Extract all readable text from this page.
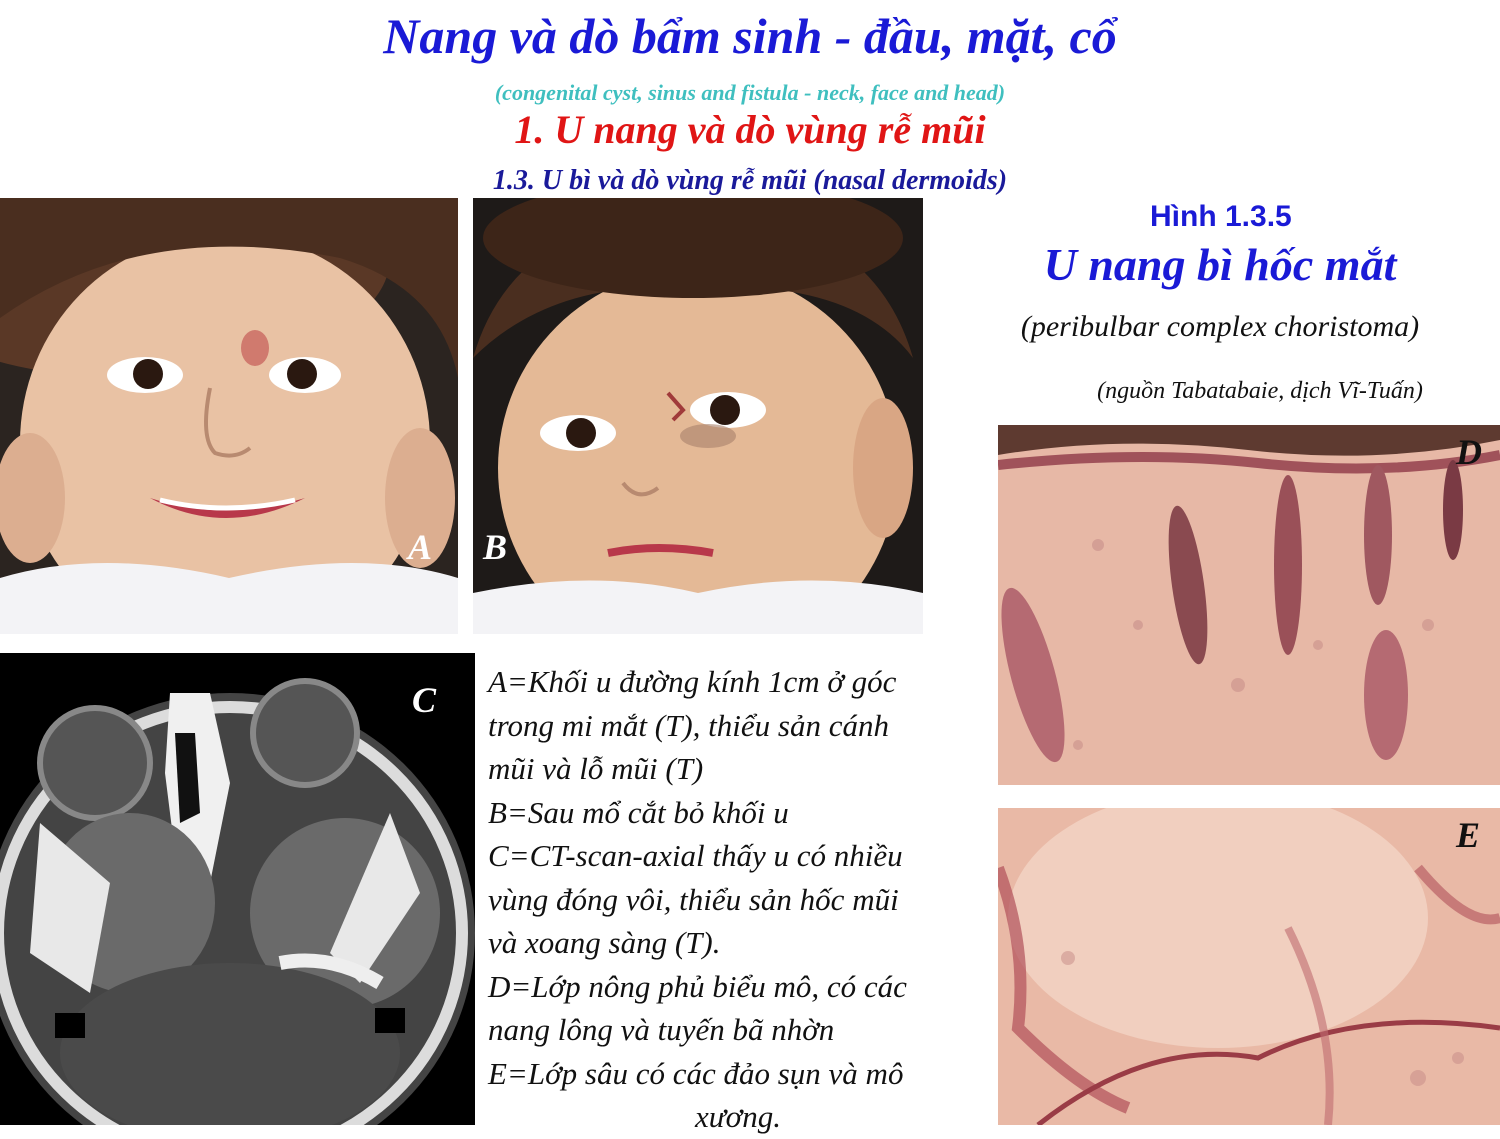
Nang và dò bẩm sinh - đầu, mặt, cổ
(congenital cyst, sinus and fistula - neck, face and head)
1. U nang và dò vùng rễ mũi
1.3. U bì và dò vùng rễ mũi (nasal dermoids)
Hình 1.3.5
U nang bì hốc mắt
(peribulbar complex choristoma)
(nguồn Tabatabaie, dịch Vĩ-Tuấn)
A B
C
D
E
A=Khối u đường kính 1cm ở góc
trong mi mắt (T), thiểu sản cánh
mũi và lỗ mũi (T)
B=Sau mổ cắt bỏ khối u
C=CT-scan-axial thấy u có nhiều
vùng đóng vôi, thiểu sản hốc mũi
và xoang sàng (T).
D=Lớp nông phủ biểu mô, có các
nang lông và tuyến bã nhờn
E=Lớp sâu có các đảo sụn và mô
xương.
